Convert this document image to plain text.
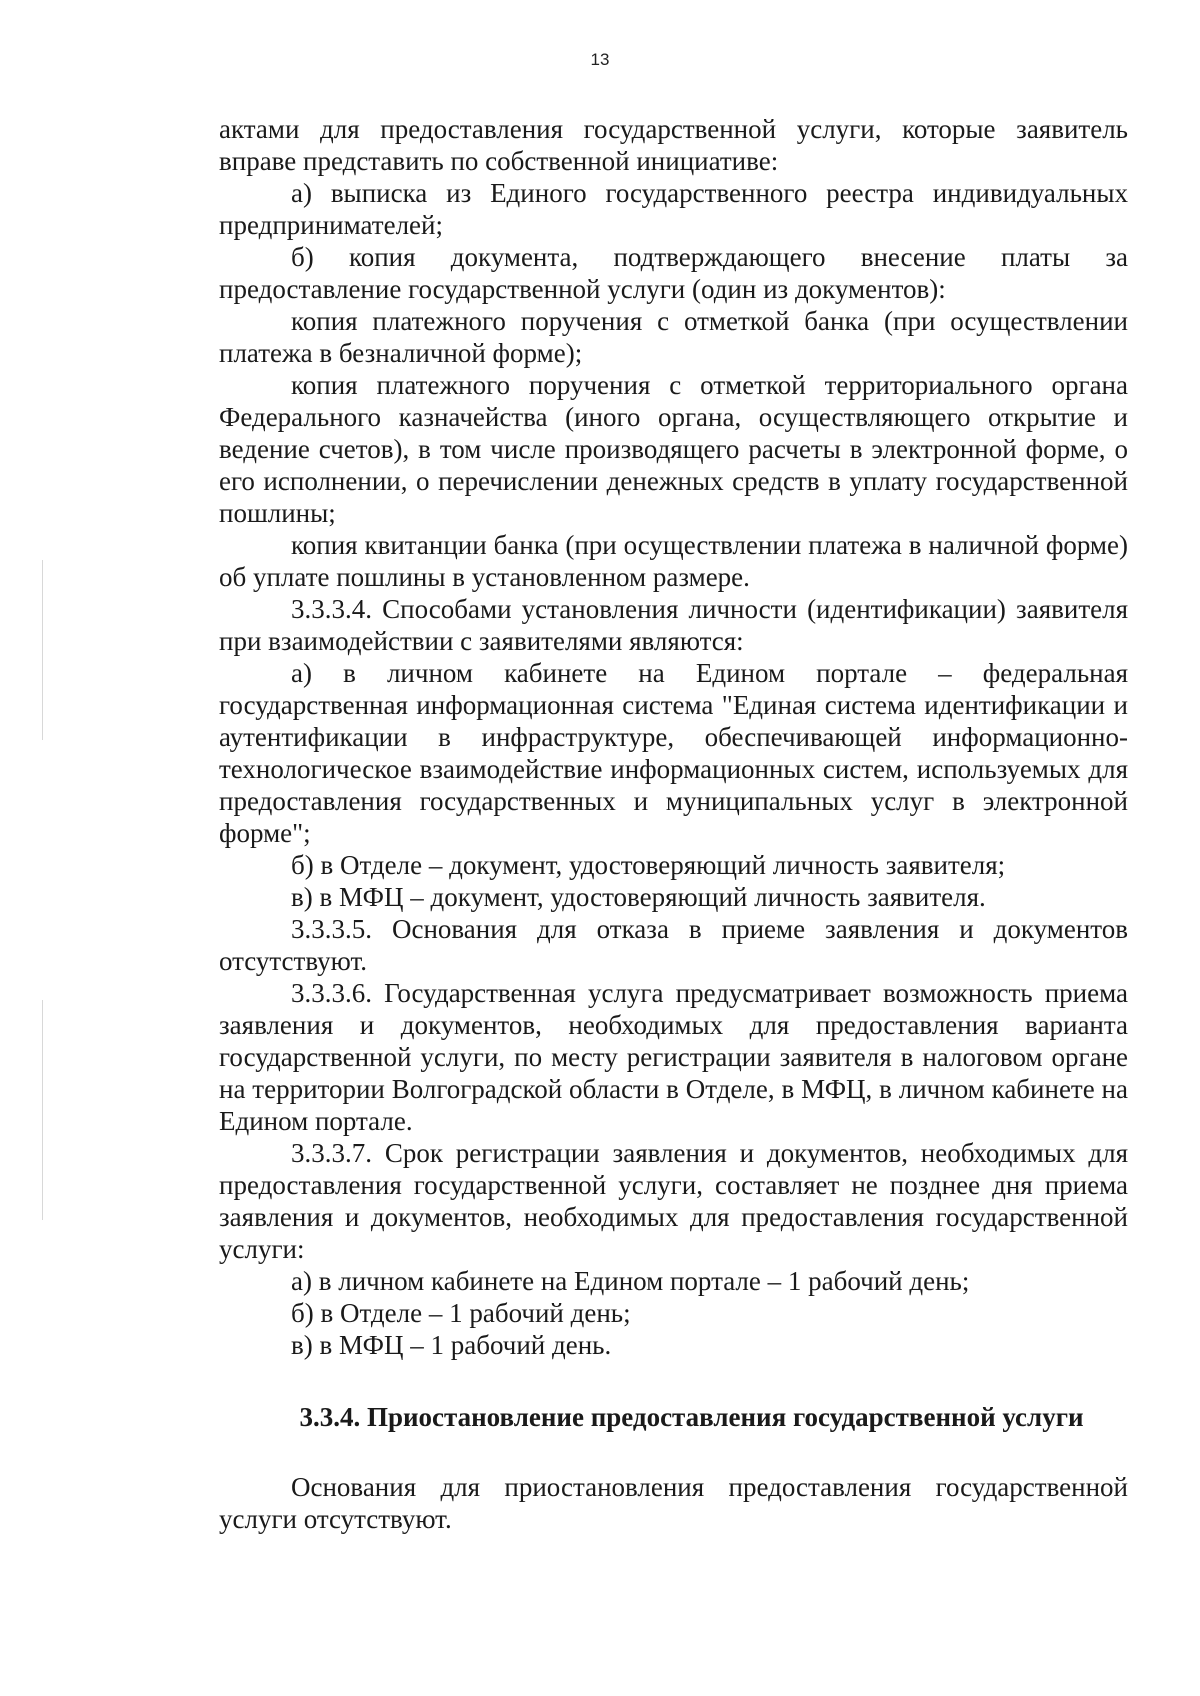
13

актами для предоставления государственной услуги, которые заявитель вправе представить по собственной инициативе:

а) выписка из Единого государственного реестра индивидуальных предпринимателей;

б) копия документа, подтверждающего внесение платы за предоставление государственной услуги (один из документов):

копия платежного поручения с отметкой банка (при осуществлении платежа в безналичной форме);

копия платежного поручения с отметкой территориального органа Федерального казначейства (иного органа, осуществляющего открытие и ведение счетов), в том числе производящего расчеты в электронной форме, о его исполнении, о перечислении денежных средств в уплату государственной пошлины;

копия квитанции банка (при осуществлении платежа в наличной форме) об уплате пошлины в установленном размере.

3.3.3.4. Способами установления личности (идентификации) заявителя при взаимодействии с заявителями являются:

а) в личном кабинете на Едином портале – федеральная государственная информационная система "Единая система идентификации и аутентификации в инфраструктуре, обеспечивающей информационно-технологическое взаимодействие информационных систем, используемых для предоставления государственных и муниципальных услуг в электронной форме";

б) в Отделе – документ, удостоверяющий личность заявителя;

в) в МФЦ – документ, удостоверяющий личность заявителя.

3.3.3.5. Основания для отказа в приеме заявления и документов отсутствуют.

3.3.3.6. Государственная услуга предусматривает возможность приема заявления и документов, необходимых для предоставления варианта государственной услуги, по месту регистрации заявителя в налоговом органе на территории Волгоградской области в Отделе, в МФЦ, в личном кабинете на Едином портале.

3.3.3.7. Срок регистрации заявления и документов, необходимых для предоставления государственной услуги, составляет не позднее дня приема заявления и документов, необходимых для предоставления государственной услуги:

а) в личном кабинете на Едином портале – 1 рабочий день;

б) в Отделе – 1 рабочий день;

в) в МФЦ – 1 рабочий день.

3.3.4. Приостановление предоставления государственной услуги

Основания для приостановления предоставления государственной услуги отсутствуют.
